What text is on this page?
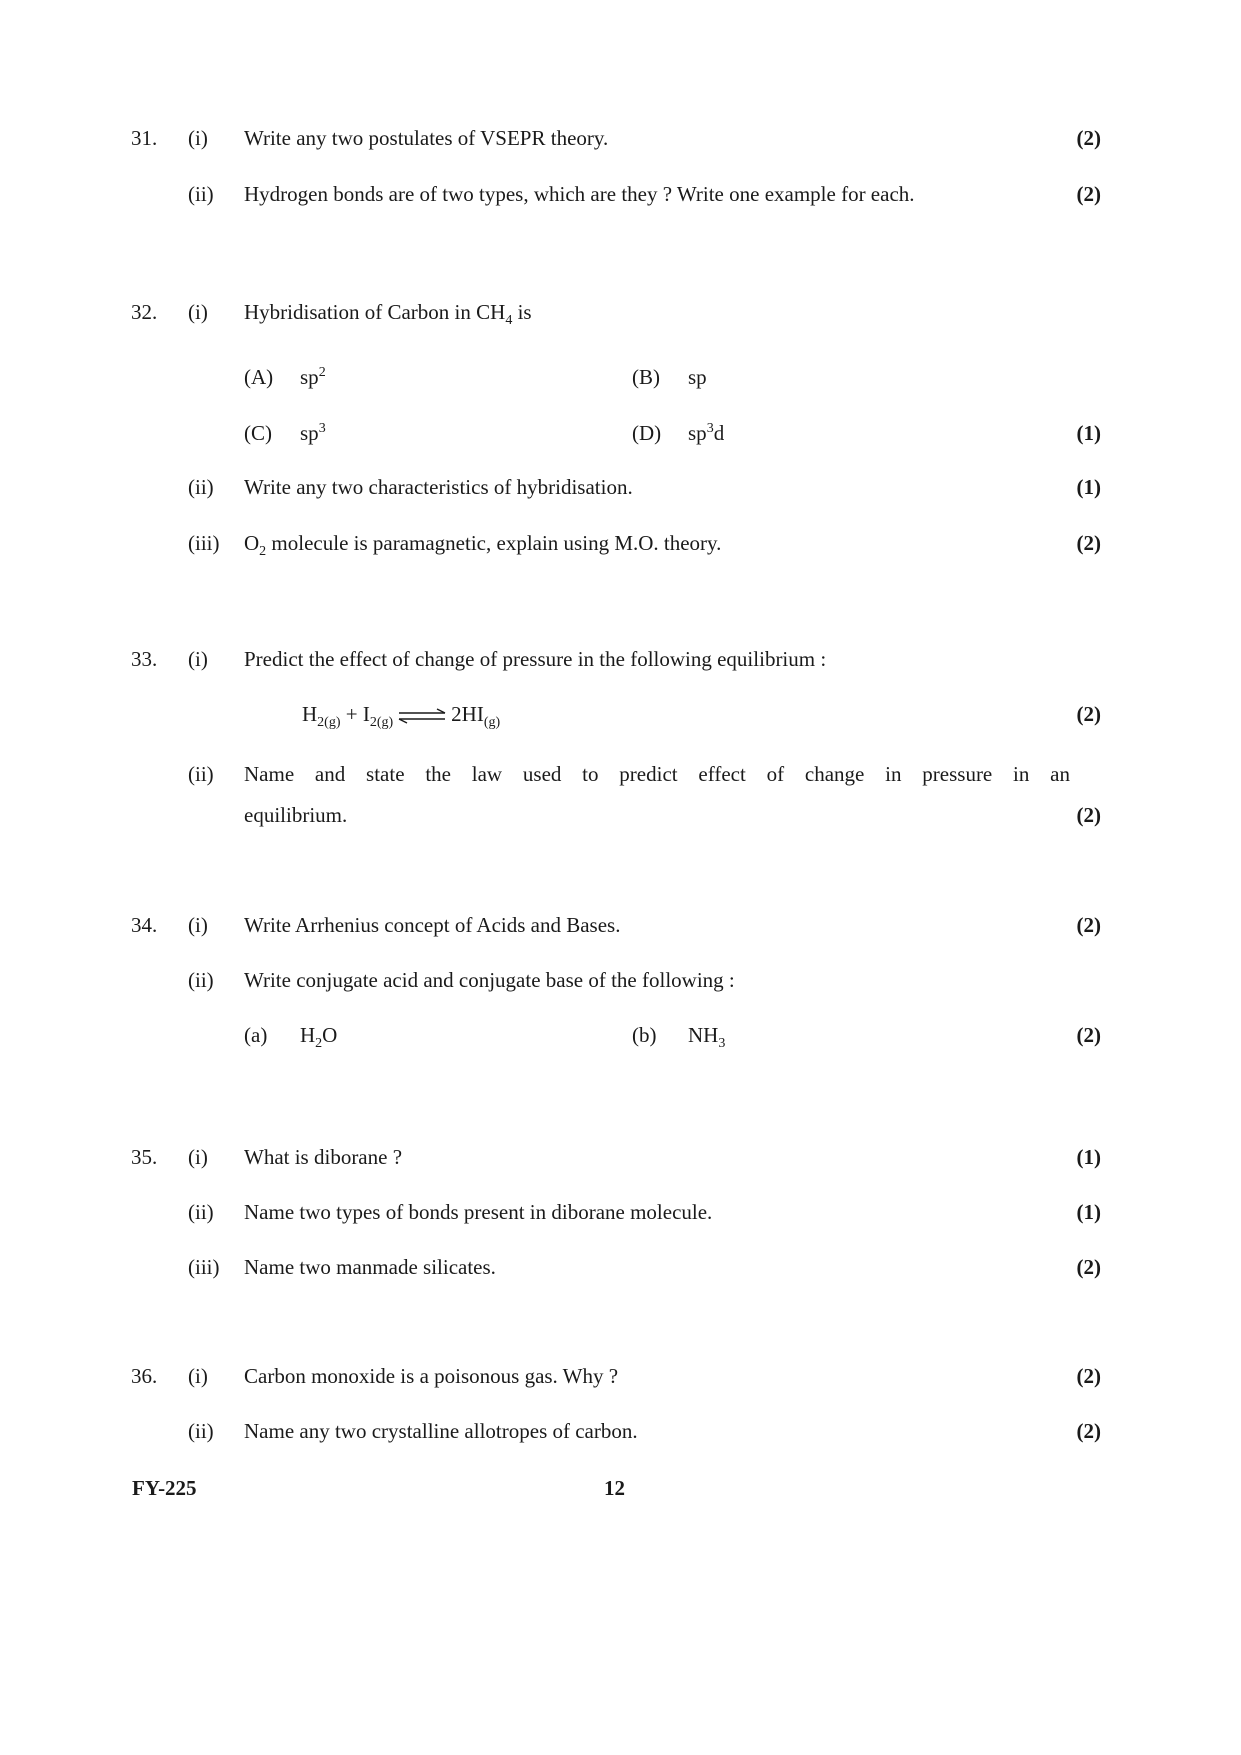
31. (i) Write any two postulates of VSEPR theory.	(2)
(ii) Hydrogen bonds are of two types, which are they ? Write one example for each.	(2)
32. (i) Hybridisation of Carbon in $CH_4$ is
(A) $sp^2$	(B) sp
(C) $sp^3$	(D) $sp^3d$	(1)
(ii) Write any two characteristics of hybridisation.	(1)
(iii) $O_2$ molecule is paramagnetic, explain using M.O. theory.	(2)
33. (i) Predict the effect of change of pressure in the following equilibrium :
$H_{2(g)} + I_{2(g)}$ ⇌ $2HI_{(g)}$	(2)
(ii) Name and state the law used to predict effect of change in pressure in an
equilibrium.	(2)
34. (i) Write Arrhenius concept of Acids and Bases.	(2)
(ii) Write conjugate acid and conjugate base of the following :
(a) $H_2O$	(b) $NH_3$	(2)
35. (i) What is diborane ?	(1)
(ii) Name two types of bonds present in diborane molecule.	(1)
(iii) Name two manmade silicates.	(2)
36. (i) Carbon monoxide is a poisonous gas. Why ?	(2)
(ii) Name any two crystalline allotropes of carbon.	(2)
FY-225	12
